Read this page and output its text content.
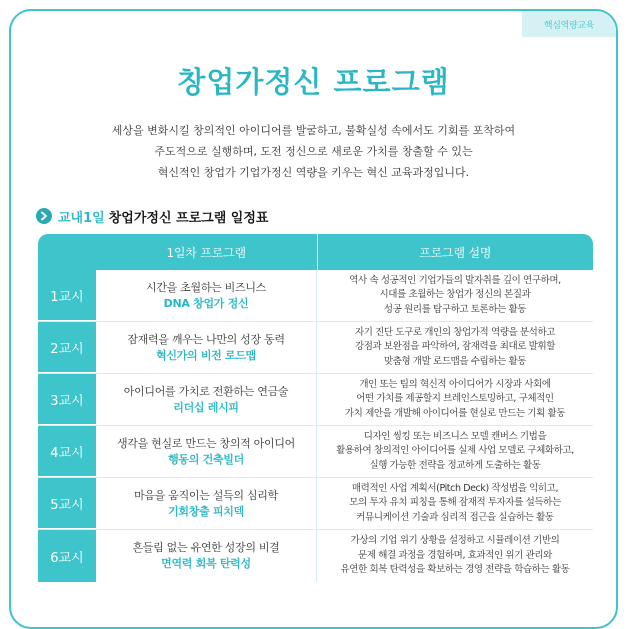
핵심역량교육
창업가정신 프로그램
세상을 변화시킬 창의적인 아이디어를 발굴하고, 불확실성 속에서도 기회를 포착하여
주도적으로 실행하며, 도전 정신으로 새로운 가치를 창출할 수 있는
혁신적인 창업가 기업가정신 역량을 키우는 혁신 교육과정입니다.
교내1일 창업가정신 프로그램 일정표
1일차 프로그램	프로그램 설명
1교시
시간을 초월하는 비즈니스
DNA 창업가 정신
역사 속 성공적인 기업가들의 발자취를 깊이 연구하며,
시대를 초월하는 창업가 정신의 본질과
성공 원리를 탐구하고 토론하는 활동
2교시
잠재력을 깨우는 나만의 성장 동력
혁신가의 비전 로드맵
자기 진단 도구로 개인의 창업가적 역량을 분석하고
강점과 보완점을 파악하여, 잠재력을 최대로 발휘할
맞춤형 개발 로드맵을 수립하는 활동
3교시
아이디어를 가치로 전환하는 연금술
리더십 레시피
개인 또는 팀의 혁신적 아이디어가 시장과 사회에
어떤 가치를 제공할지 브레인스토밍하고, 구체적인
가치 제안을 개발해 아이디어를 현실로 만드는 기획 활동
4교시
생각을 현실로 만드는 창의적 아이디어
행동의 건축빌더
디자인 씽킹 또는 비즈니스 모델 캔버스 기법을
활용하여 창의적인 아이디어를 실제 사업 모델로 구체화하고,
실행 가능한 전략을 정교하게 도출하는 활동
5교시
마음을 움직이는 설득의 심리학
기회창출 피치덱
매력적인 사업 계획서(Pitch Deck) 작성법을 익히고,
모의 투자 유치 피칭을 통해 잠재적 투자자를 설득하는
커뮤니케이션 기술과 심리적 접근을 실습하는 활동
6교시
흔들림 없는 유연한 성장의 비결
면역력 회복 탄력성
가상의 기업 위기 상황을 설정하고 시뮬레이션 기반의
문제 해결 과정을 경험하며, 효과적인 위기 관리와
유연한 회복 탄력성을 확보하는 경영 전략을 학습하는 활동
